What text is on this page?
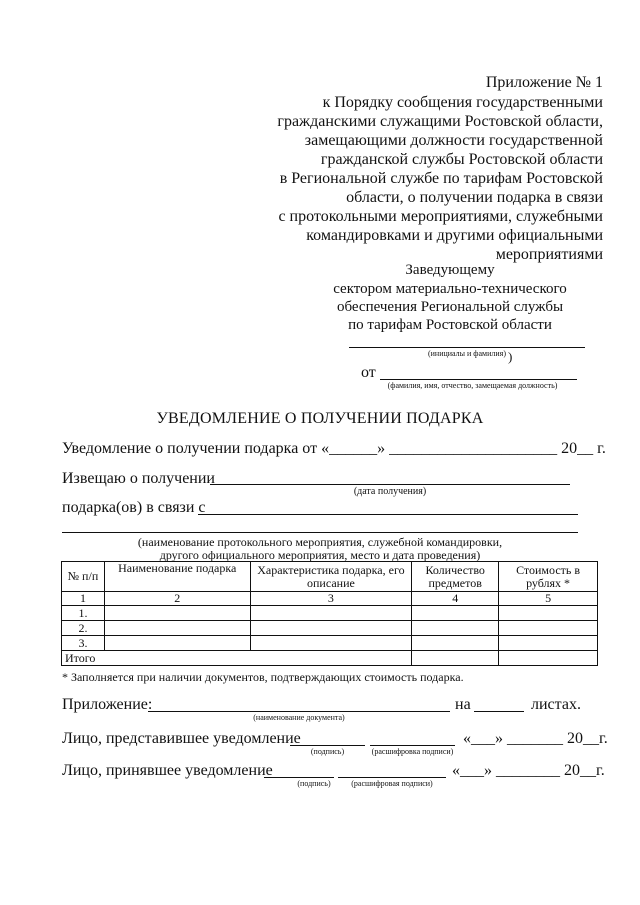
Приложение № 1
к Порядку сообщения государственными
гражданскими служащими Ростовской области,
замещающими должности государственной
гражданской службы Ростовской области
в Региональной службе по тарифам Ростовской
области, о получении подарка в связи
с протокольными мероприятиями, служебными
командировками и другими официальными
мероприятиями
Заведующему
сектором материально-технического
обеспечения Региональной службы
по тарифам Ростовской области
(инициалы и фамилия) )
от
(фамилия, имя, отчество, замещаемая должность)
УВЕДОМЛЕНИЕ О ПОЛУЧЕНИИ ПОДАРКА
Уведомление о получении подарка от «______» _____________________ 20__ г.
Извещаю о получении
(дата получения)
подарка(ов) в связи с
(наименование протокольного мероприятия, служебной командировки,
другого официального мероприятия, место и дата проведения)
№ п/п	Наименование подарка	Характеристика подарка, его описание	Количество предметов	Стоимость в рублях *
1	2	3	4	5
1.				
2.				
3.				
Итого				
* Заполняется при наличии документов, подтверждающих стоимость подарка.
Приложение:
(наименование документа)
на	листах.
Лицо, представившее уведомление
(подпись)	(расшифровка подписи)
«___» _______ 20__г.
Лицо, принявшее уведомление
(подпись)	(расшифровая подписи)
«___» ________ 20__г.
